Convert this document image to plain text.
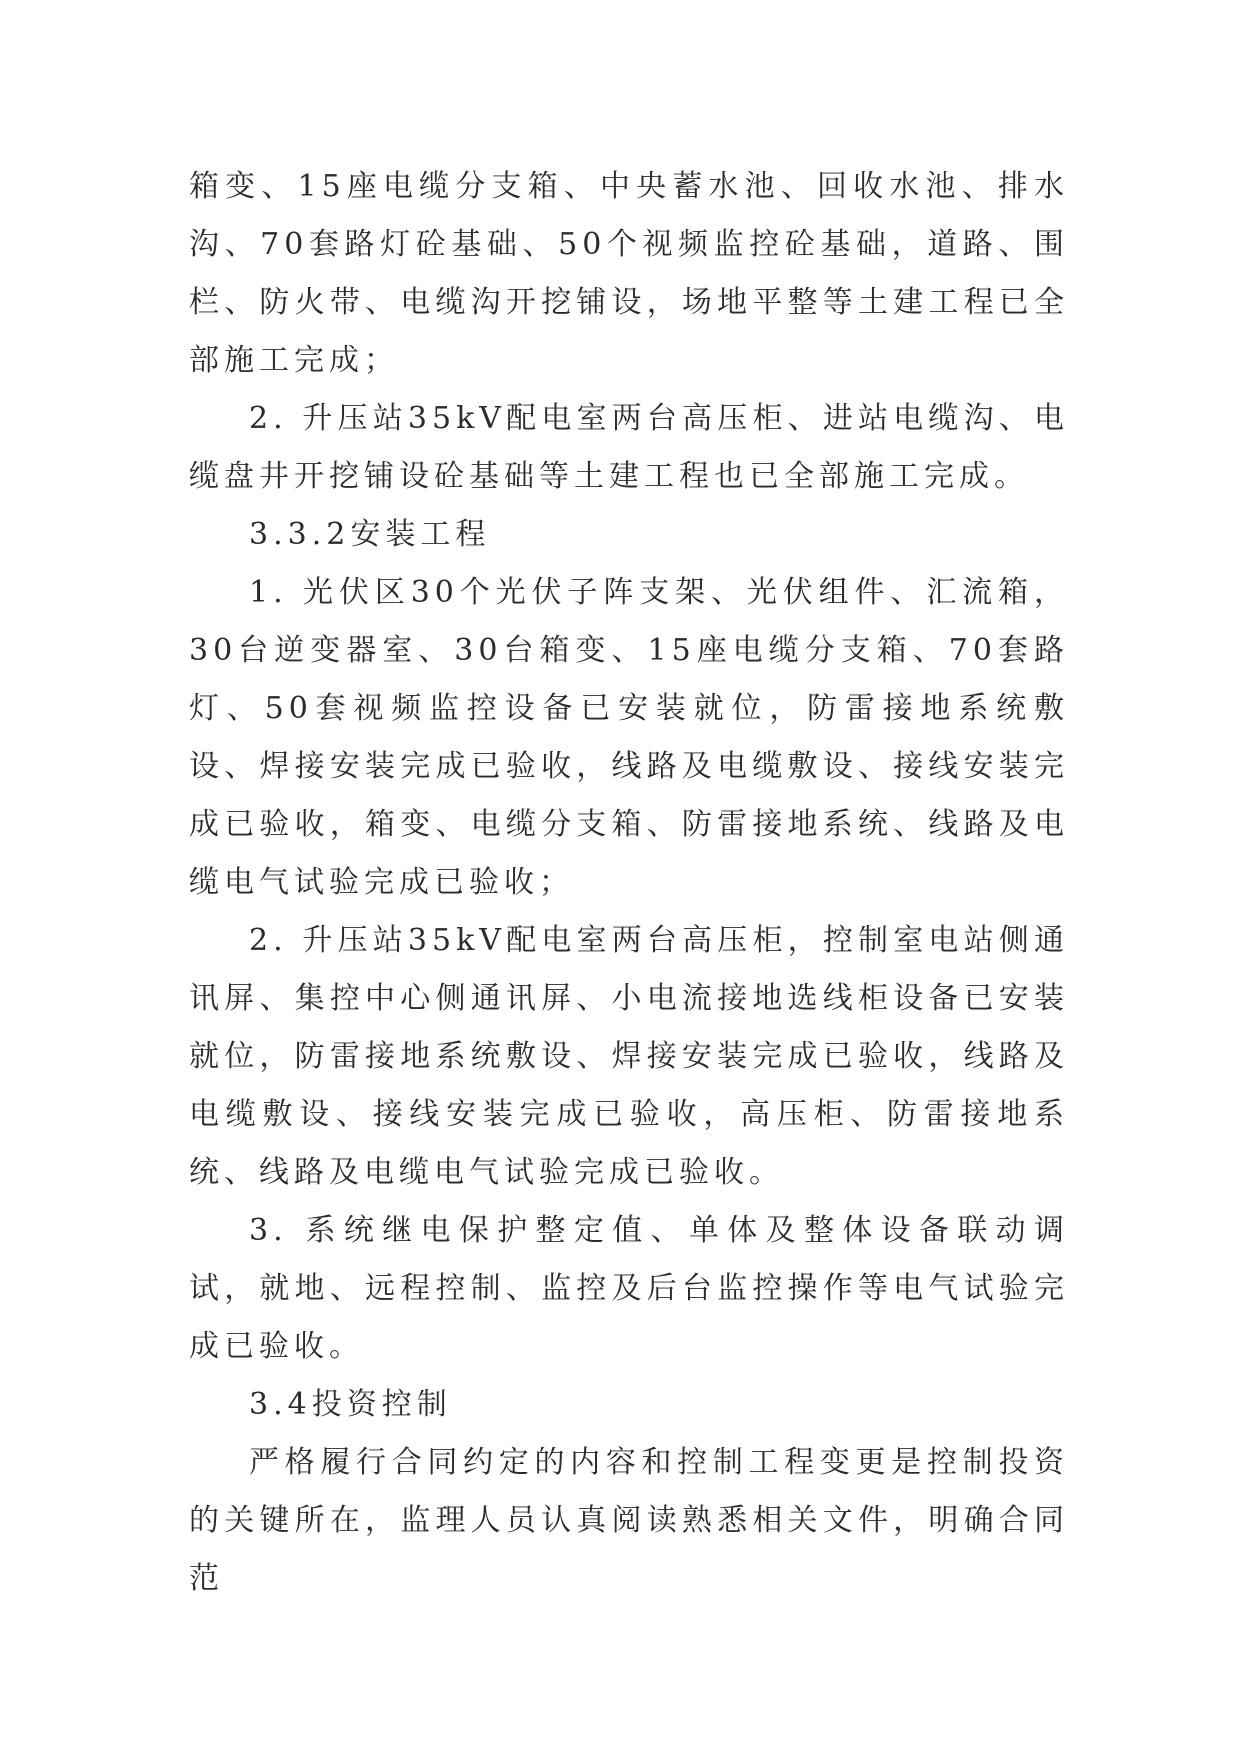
箱变、15座电缆分支箱、中央蓄水池、回收水池、排水沟、70套路灯砼基础、50个视频监控砼基础，道路、围栏、防火带、电缆沟开挖铺设，场地平整等土建工程已全部施工完成；

2. 升压站35kV配电室两台高压柜、进站电缆沟、电缆盘井开挖铺设砼基础等土建工程也已全部施工完成。

3.3.2安装工程

1. 光伏区30个光伏子阵支架、光伏组件、汇流箱，30台逆变器室、30台箱变、15座电缆分支箱、70套路灯、50套视频监控设备已安装就位，防雷接地系统敷设、焊接安装完成已验收，线路及电缆敷设、接线安装完成已验收，箱变、电缆分支箱、防雷接地系统、线路及电缆电气试验完成已验收；

2. 升压站35kV配电室两台高压柜，控制室电站侧通讯屏、集控中心侧通讯屏、小电流接地选线柜设备已安装就位，防雷接地系统敷设、焊接安装完成已验收，线路及电缆敷设、接线安装完成已验收，高压柜、防雷接地系统、线路及电缆电气试验完成已验收。

3. 系统继电保护整定值、单体及整体设备联动调试，就地、远程控制、监控及后台监控操作等电气试验完成已验收。

3.4投资控制

严格履行合同约定的内容和控制工程变更是控制投资的关键所在，监理人员认真阅读熟悉相关文件，明确合同范
